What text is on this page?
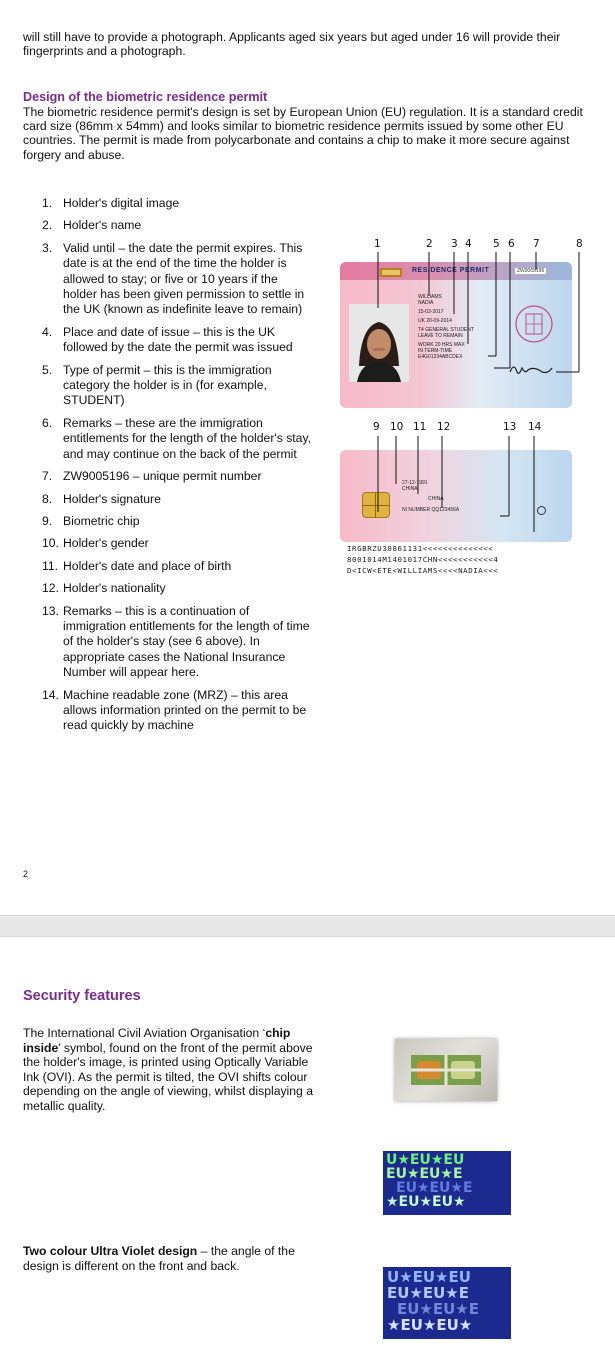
will still have to provide a photograph. Applicants aged six years but aged under 16 will provide their fingerprints and a photograph.

Design of the biometric residence permit

The biometric residence permit's design is set by European Union (EU) regulation. It is a standard credit card size (86mm x 54mm) and looks similar to biometric residence permits issued by some other EU countries. The permit is made from polycarbonate and contains a chip to make it more secure against forgery and abuse.

1. Holder's digital image
2. Holder's name
3. Valid until – the date the permit expires. This date is at the end of the time the holder is allowed to stay; or five or 10 years if the holder has been given permission to settle in the UK (known as indefinite leave to remain)
4. Place and date of issue – this is the UK followed by the date the permit was issued
5. Type of permit – this is the immigration category the holder is in (for example, STUDENT)
6. Remarks – these are the immigration entitlements for the length of the holder's stay, and may continue on the back of the permit
7. ZW9005196 – unique permit number
8. Holder's signature
9. Biometric chip
10. Holder's gender
11. Holder's date and place of birth
12. Holder's nationality
13. Remarks – this is a continuation of immigration entitlements for the length of time of the holder's stay (see 6 above). In appropriate cases the National Insurance Number will appear here.
14. Machine readable zone (MRZ) – this area allows information printed on the permit to be read quickly by machine
1	2 3 4 5 6 7	8
RESIDENCE PERMIT	ZW9005196
WILLIAMS
NADIA
15-03-2017
UK 20-09-2014
T4 GENERAL STUDENT
LEAVE TO REMAIN
WORK 20 HRS MAX
IN TERM-TIME
E4G01234ABCDEX
9 10 11 12	13 14
27-12-1991
CHINA
CHINA
NI NUMBER QQ123456A
IRGBRZU30861131<<<<<<<<<<<<<<
8001014M1401017CHN<<<<<<<<<<<4
D<ICW<ETE<WILLIAMS<<<<NADIA<<<
2
Security features

The International Civil Aviation Organisation ‘chip inside’ symbol, found on the front of the permit above the holder's image, is printed using Optically Variable Ink (OVI). As the permit is tilted, the OVI shifts colour depending on the angle of viewing, whilst displaying a metallic quality.

U★EU★EU
EU★EU★E
EU★EU★E
★EU★EU★

Two colour Ultra Violet design – the angle of the design is different on the front and back.

U★EU★EU
EU★EU★E
EU★EU★E
★EU★EU★
